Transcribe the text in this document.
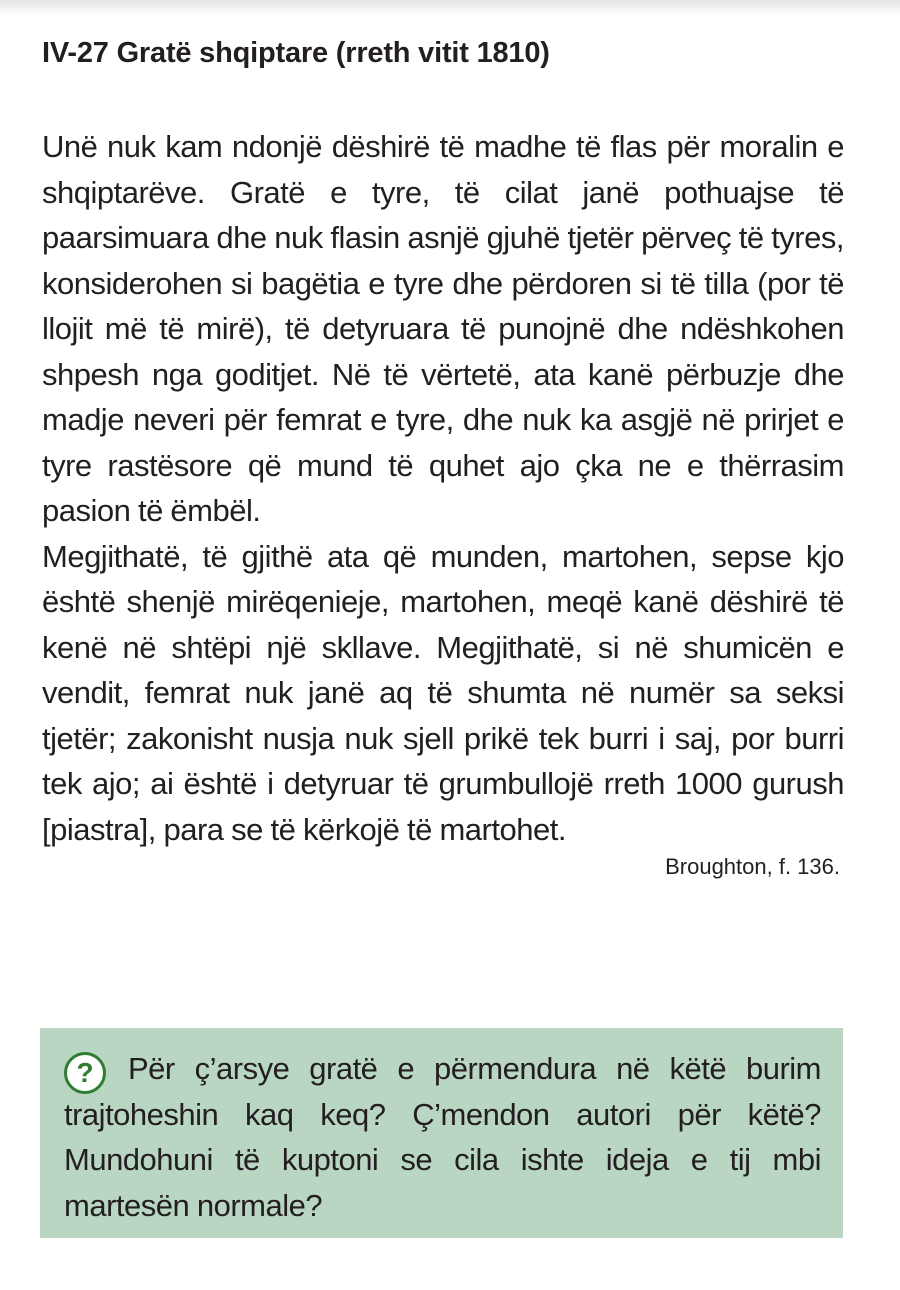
IV-27 Gratë shqiptare (rreth vitit 1810)

Unë nuk kam ndonjë dëshirë të madhe të flas për moralin e shqiptarëve. Gratë e tyre, të cilat janë pothuajse të paarsimuara dhe nuk flasin asnjë gjuhë tjetër përveç të tyres, konsiderohen si bagëtia e tyre dhe përdoren si të tilla (por të llojit më të mirë), të detyruara të punojnë dhe ndëshkohen shpesh nga goditjet. Në të vërtetë, ata kanë përbuzje dhe madje neveri për femrat e tyre, dhe nuk ka asgjë në prirjet e tyre rastësore që mund të quhet ajo çka ne e thërrasim pasion të ëmbël.

Megjithatë, të gjithë ata që munden, martohen, sepse kjo është shenjë mirëqenieje, martohen, meqë kanë dëshirë të kenë në shtëpi një skllave. Megjithatë, si në shumicën e vendit, femrat nuk janë aq të shumta në numër sa seksi tjetër; zakonisht nusja nuk sjell prikë tek burri i saj, por burri tek ajo; ai është i detyruar të grumbullojë rreth 1000 gurush [piastra], para se të kërkojë të martohet.

Broughton, f. 136.

?	Për ç’arsye gratë e përmendura në këtë burim trajtoheshin kaq keq? Ç’mendon autori për këtë? Mundohuni të kuptoni se cila ishte ideja e tij mbi martesën normale?
